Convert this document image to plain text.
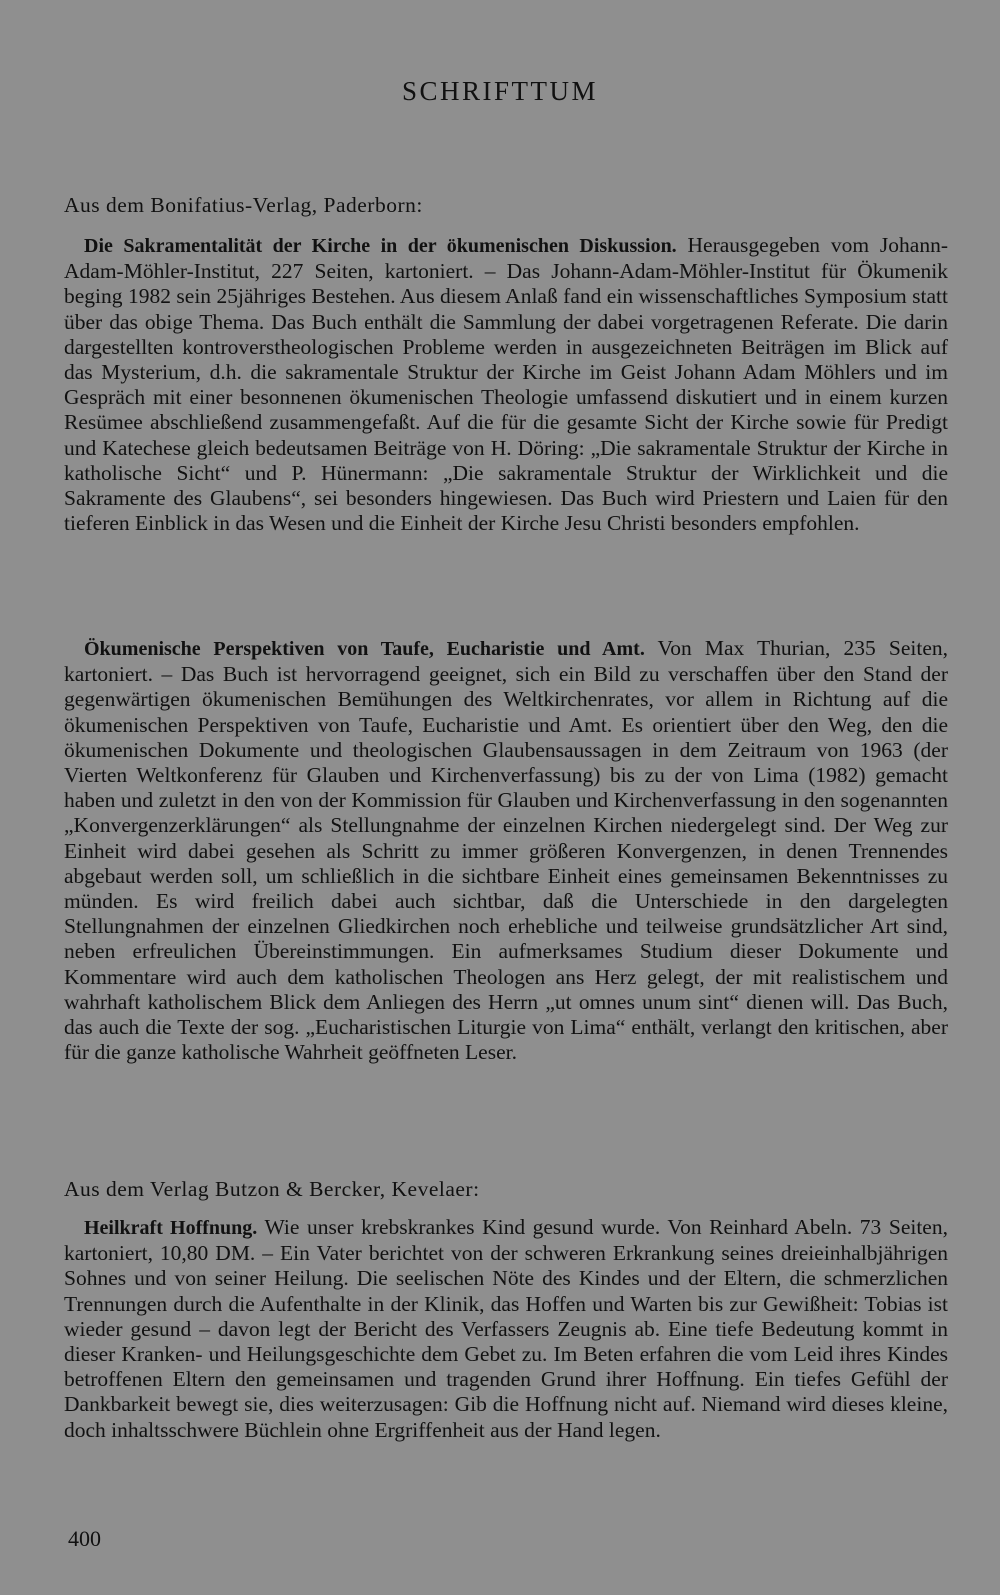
SCHRIFTTUM

Aus dem Bonifatius-Verlag, Paderborn:

Die Sakramentalität der Kirche in der ökumenischen Diskussion. Herausgegeben vom Johann-Adam-Möhler-Institut, 227 Seiten, kartoniert. – Das Johann-Adam-Möhler-Institut für Ökumenik beging 1982 sein 25jähriges Bestehen. Aus diesem Anlaß fand ein wissenschaftliches Symposium statt über das obige Thema. Das Buch enthält die Sammlung der dabei vorgetragenen Referate. Die darin dargestellten kontroverstheologischen Probleme werden in ausgezeichneten Beiträgen im Blick auf das Mysterium, d.h. die sakramentale Struktur der Kirche im Geist Johann Adam Möhlers und im Gespräch mit einer besonnenen ökumenischen Theologie umfassend diskutiert und in einem kurzen Resümee abschließend zusammengefaßt. Auf die für die gesamte Sicht der Kirche sowie für Predigt und Katechese gleich bedeutsamen Beiträge von H. Döring: „Die sakramentale Struktur der Kirche in katholische Sicht“ und P. Hünermann: „Die sakramentale Struktur der Wirklichkeit und die Sakramente des Glaubens“, sei besonders hingewiesen. Das Buch wird Priestern und Laien für den tieferen Einblick in das Wesen und die Einheit der Kirche Jesu Christi besonders empfohlen.

Ökumenische Perspektiven von Taufe, Eucharistie und Amt. Von Max Thurian, 235 Seiten, kartoniert. – Das Buch ist hervorragend geeignet, sich ein Bild zu verschaffen über den Stand der gegenwärtigen ökumenischen Bemühungen des Weltkirchenrates, vor allem in Richtung auf die ökumenischen Perspektiven von Taufe, Eucharistie und Amt. Es orientiert über den Weg, den die ökumenischen Dokumente und theologischen Glaubensaussagen in dem Zeitraum von 1963 (der Vierten Weltkonferenz für Glauben und Kirchenverfassung) bis zu der von Lima (1982) gemacht haben und zuletzt in den von der Kommission für Glauben und Kirchenverfassung in den sogenannten „Konvergenzerklärungen“ als Stellungnahme der einzelnen Kirchen niedergelegt sind. Der Weg zur Einheit wird dabei gesehen als Schritt zu immer größeren Konvergenzen, in denen Trennendes abgebaut werden soll, um schließlich in die sichtbare Einheit eines gemeinsamen Bekenntnisses zu münden. Es wird freilich dabei auch sichtbar, daß die Unterschiede in den dargelegten Stellungnahmen der einzelnen Gliedkirchen noch erhebliche und teilweise grundsätzlicher Art sind, neben erfreulichen Übereinstimmungen. Ein aufmerksames Studium dieser Dokumente und Kommentare wird auch dem katholischen Theologen ans Herz gelegt, der mit realistischem und wahrhaft katholischem Blick dem Anliegen des Herrn „ut omnes unum sint“ dienen will. Das Buch, das auch die Texte der sog. „Eucharistischen Liturgie von Lima“ enthält, verlangt den kritischen, aber für die ganze katholische Wahrheit geöffneten Leser.

Aus dem Verlag Butzon & Bercker, Kevelaer:

Heilkraft Hoffnung. Wie unser krebskrankes Kind gesund wurde. Von Reinhard Abeln. 73 Seiten, kartoniert, 10,80 DM. – Ein Vater berichtet von der schweren Erkrankung seines dreieinhalbjährigen Sohnes und von seiner Heilung. Die seelischen Nöte des Kindes und der Eltern, die schmerzlichen Trennungen durch die Aufenthalte in der Klinik, das Hoffen und Warten bis zur Gewißheit: Tobias ist wieder gesund – davon legt der Bericht des Verfassers Zeugnis ab. Eine tiefe Bedeutung kommt in dieser Kranken- und Heilungsgeschichte dem Gebet zu. Im Beten erfahren die vom Leid ihres Kindes betroffenen Eltern den gemeinsamen und tragenden Grund ihrer Hoffnung. Ein tiefes Gefühl der Dankbarkeit bewegt sie, dies weiterzusagen: Gib die Hoffnung nicht auf. Niemand wird dieses kleine, doch inhaltsschwere Büchlein ohne Ergriffenheit aus der Hand legen.

400
